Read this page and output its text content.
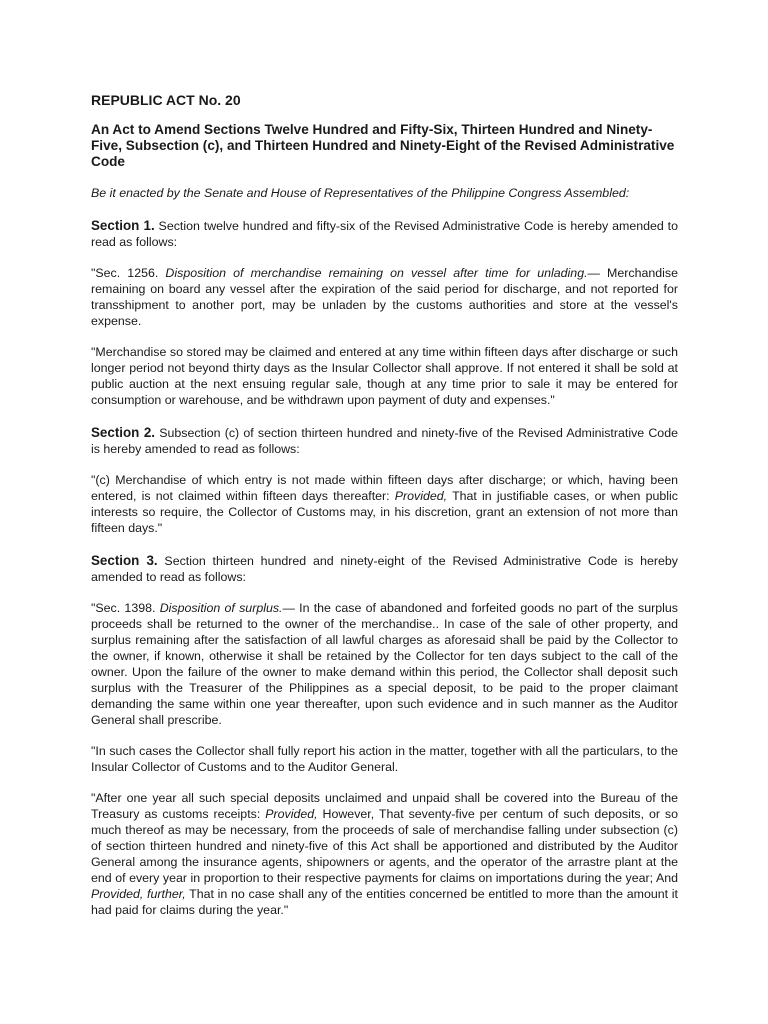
REPUBLIC ACT No. 20
An Act to Amend Sections Twelve Hundred and Fifty-Six, Thirteen Hundred and Ninety-Five, Subsection (c), and Thirteen Hundred and Ninety-Eight of the Revised Administrative Code
Be it enacted by the Senate and House of Representatives of the Philippine Congress Assembled:

Section 1. Section twelve hundred and fifty-six of the Revised Administrative Code is hereby amended to read as follows:

"Sec. 1256. Disposition of merchandise remaining on vessel after time for unlading.— Merchandise remaining on board any vessel after the expiration of the said period for discharge, and not reported for transshipment to another port, may be unladen by the customs authorities and store at the vessel's expense.

"Merchandise so stored may be claimed and entered at any time within fifteen days after discharge or such longer period not beyond thirty days as the Insular Collector shall approve. If not entered it shall be sold at public auction at the next ensuing regular sale, though at any time prior to sale it may be entered for consumption or warehouse, and be withdrawn upon payment of duty and expenses."

Section 2. Subsection (c) of section thirteen hundred and ninety-five of the Revised Administrative Code is hereby amended to read as follows:

"(c) Merchandise of which entry is not made within fifteen days after discharge; or which, having been entered, is not claimed within fifteen days thereafter: Provided, That in justifiable cases, or when public interests so require, the Collector of Customs may, in his discretion, grant an extension of not more than fifteen days."

Section 3. Section thirteen hundred and ninety-eight of the Revised Administrative Code is hereby amended to read as follows:

"Sec. 1398. Disposition of surplus.— In the case of abandoned and forfeited goods no part of the surplus proceeds shall be returned to the owner of the merchandise.. In case of the sale of other property, and surplus remaining after the satisfaction of all lawful charges as aforesaid shall be paid by the Collector to the owner, if known, otherwise it shall be retained by the Collector for ten days subject to the call of the owner. Upon the failure of the owner to make demand within this period, the Collector shall deposit such surplus with the Treasurer of the Philippines as a special deposit, to be paid to the proper claimant demanding the same within one year thereafter, upon such evidence and in such manner as the Auditor General shall prescribe.

"In such cases the Collector shall fully report his action in the matter, together with all the particulars, to the Insular Collector of Customs and to the Auditor General.

"After one year all such special deposits unclaimed and unpaid shall be covered into the Bureau of the Treasury as customs receipts: Provided, However, That seventy-five per centum of such deposits, or so much thereof as may be necessary, from the proceeds of sale of merchandise falling under subsection (c) of section thirteen hundred and ninety-five of this Act shall be apportioned and distributed by the Auditor General among the insurance agents, shipowners or agents, and the operator of the arrastre plant at the end of every year in proportion to their respective payments for claims on importations during the year; And Provided, further, That in no case shall any of the entities concerned be entitled to more than the amount it had paid for claims during the year."
